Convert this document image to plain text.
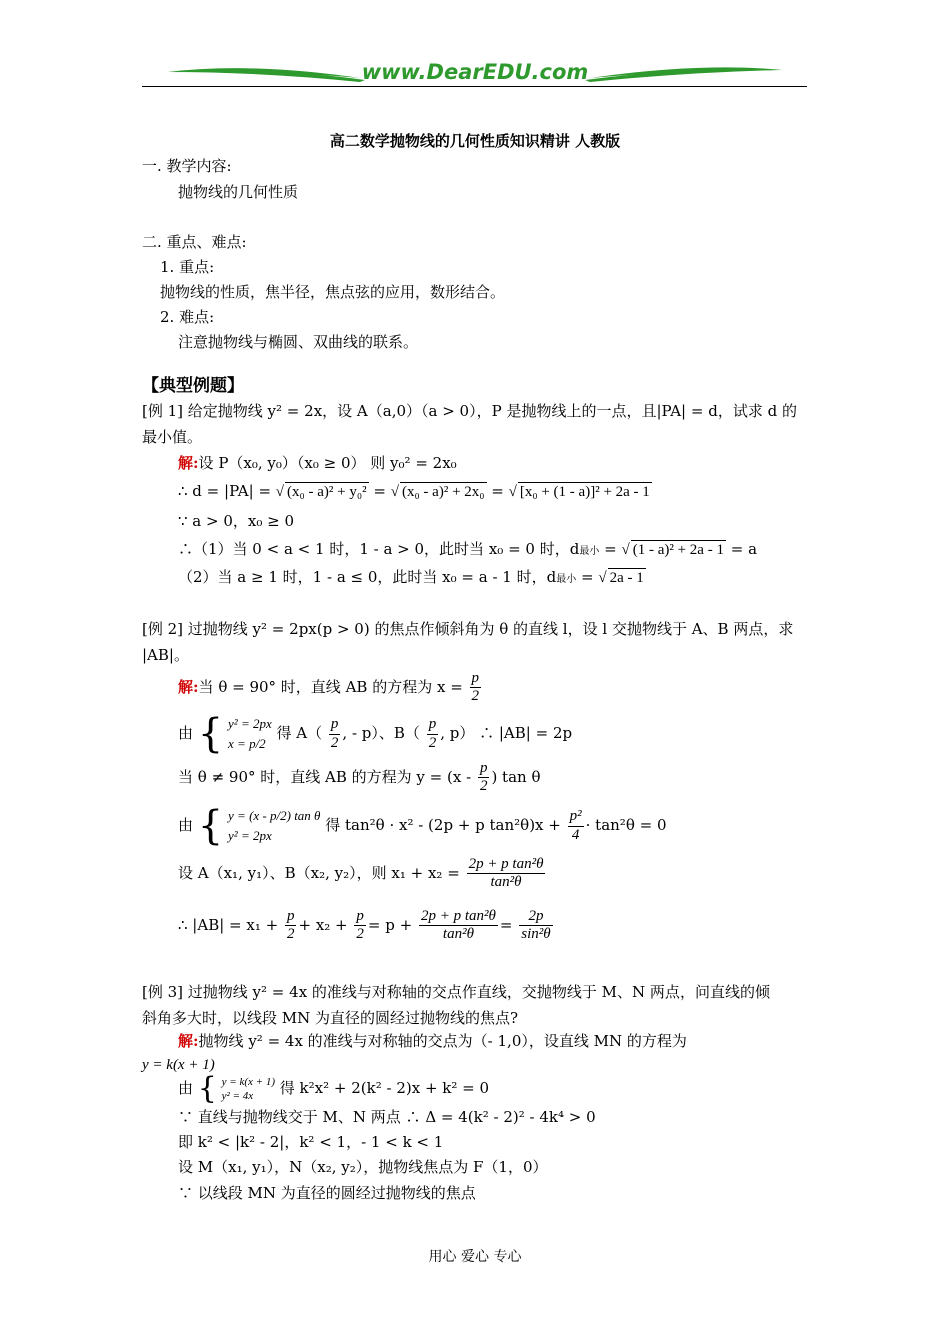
www.DearEDU.com
高二数学抛物线的几何性质知识精讲 人教版
一. 教学内容:
抛物线的几何性质
二. 重点、难点:
1. 重点:
抛物线的性质，焦半径，焦点弦的应用，数形结合。
2. 难点:
注意抛物线与椭圆、双曲线的联系。
【典型例题】
[例 1] 给定抛物线 y² = 2x，设 A（a,0）（a > 0），P 是抛物线上的一点，且|PA| = d，试求 d 的
最小值。
解:设 P（x₀, y₀）（x₀ ≥ 0） 则 y₀² = 2x₀
∴ d = |PA| = √ (x₀ - a)² + y₀² = √ (x₀ - a)² + 2x₀ = √ [x₀ + (1 - a)]² + 2a - 1
∵ a > 0，x₀ ≥ 0
∴（1）当 0 < a < 1 时，1 - a > 0，此时当 x₀ = 0 时，d最小 = √ (1 - a)² + 2a - 1 = a
（2）当 a ≥ 1 时，1 - a ≤ 0，此时当 x₀ = a - 1 时，d最小 = √ 2a - 1
[例 2] 过抛物线 y² = 2px(p > 0) 的焦点作倾斜角为 θ 的直线 l，设 l 交抛物线于 A、B 两点，求
|AB|。
解:当 θ = 90° 时，直线 AB 的方程为 $x = \frac{p}{2}$
由 { y² = 2px
x = p/2
得 $A( \frac{p}{2}$ , - p）、$B( \frac{p}{2}$ , p） ∴ |AB| = 2p
当 θ ≠ 90° 时，直线 AB 的方程为 $y = (x - \frac{p}{2}$ ) tan θ
由 { y = (x - p/2) tan θ
y² = 2px
得 tan²θ · x² - (2p + p $\tan^2\theta)x + \frac{\text{p²}}{4} \cdot \tan^2\theta = 0$
设 A（x₁, y₁）、B（x₂, y₂），则 $x_1 + x_2 = \frac{\text{2p + p tan²θ}}{\text{tan²θ}}$
∴ $|AB| = x_1 + \frac{p}{2} + x_2 + \frac{p}{2} = p + \frac{\text{2p + p tan²θ}}{\text{tan²θ}} = \frac{2p}{\text{sin²θ}}$
[例 3] 过抛物线 y² = 4x 的准线与对称轴的交点作直线，交抛物线于 M、N 两点，问直线的倾
斜角多大时，以线段 MN 为直径的圆经过抛物线的焦点?
解:抛物线 y² = 4x 的准线与对称轴的交点为（- 1,0），设直线 MN 的方程为
y = k(x + 1)
由 { y = k(x + 1)
y² = 4x	得 k²x² + 2(k² - 2)x + k² = 0
∵ 直线与抛物线交于 M、N 两点 ∴ Δ = 4(k² - 2)² - 4k⁴ > 0
即 k² < |k² - 2|，k² < 1，- 1 < k < 1
设 M（x₁, y₁），N（x₂, y₂），抛物线焦点为 F（1，0）
∵ 以线段 MN 为直径的圆经过抛物线的焦点
用心 爱心 专心
